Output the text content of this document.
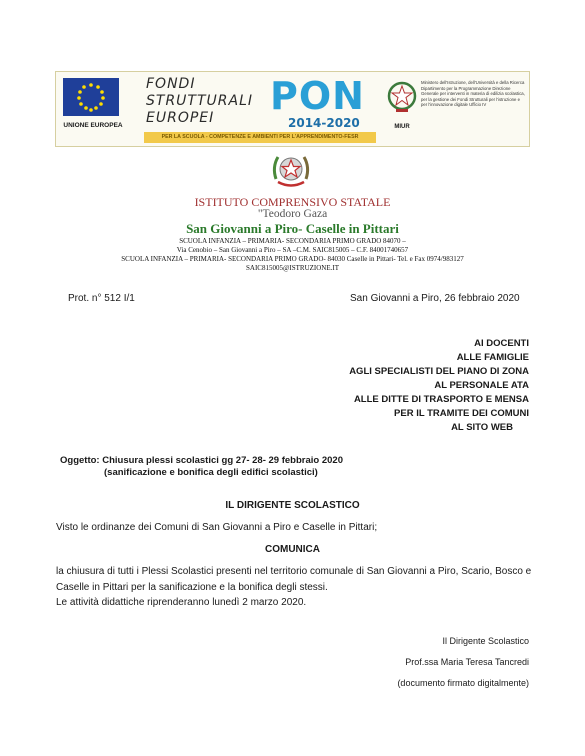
UNIONE EUROPEA
FONDI
STRUTTURALI
EUROPEI PON
2014-2020
PER LA SCUOLA - COMPETENZE E AMBIENTI PER L'APPRENDIMENTO-FESR
MIUR
Ministero dell'Istruzione, dell'Università e della Ricerca Dipartimento per la Programmazione Direzione Generale per interventi in materia di edilizia scolastica, per la gestione dei Fondi Strutturali per l'istruzione e per l'innovazione digitale Ufficio IV
ISTITUTO COMPRENSIVO STATALE
"Teodoro Gaza
San Giovanni a Piro- Caselle in Pittari
SCUOLA INFANZIA – PRIMARIA- SECONDARIA PRIMO GRADO 84070 –
Via Cenobio – San Giovanni a Piro – SA –C.M. SAIC815005 – C.F. 84001740657
SCUOLA INFANZIA – PRIMARIA- SECONDARIA PRIMO GRADO- 84030 Caselle in Pittari- Tel. e Fax 0974/983127
SAIC815005@ISTRUZIONE.IT
Prot. n° 512 I/1	San Giovanni a Piro, 26 febbraio 2020
AI DOCENTI
ALLE FAMIGLIE
AGLI SPECIALISTI DEL PIANO DI ZONA
AL PERSONALE ATA
ALLE DITTE DI TRASPORTO E MENSA
PER IL TRAMITE DEI COMUNI
AL SITO WEB
Oggetto: Chiusura plessi scolastici gg 27- 28- 29 febbraio 2020
(sanificazione e bonifica degli edifici scolastici)
IL DIRIGENTE SCOLASTICO
Visto le ordinanze dei Comuni di San Giovanni a Piro e Caselle in Pittari;
COMUNICA
la chiusura di tutti i Plessi Scolastici presenti nel territorio comunale di San Giovanni a Piro, Scario, Bosco e Caselle in Pittari per la sanificazione e la bonifica degli stessi.
Le attività didattiche riprenderanno lunedì 2 marzo 2020.
Il Dirigente Scolastico
Prof.ssa Maria Teresa Tancredi
(documento firmato digitalmente)
